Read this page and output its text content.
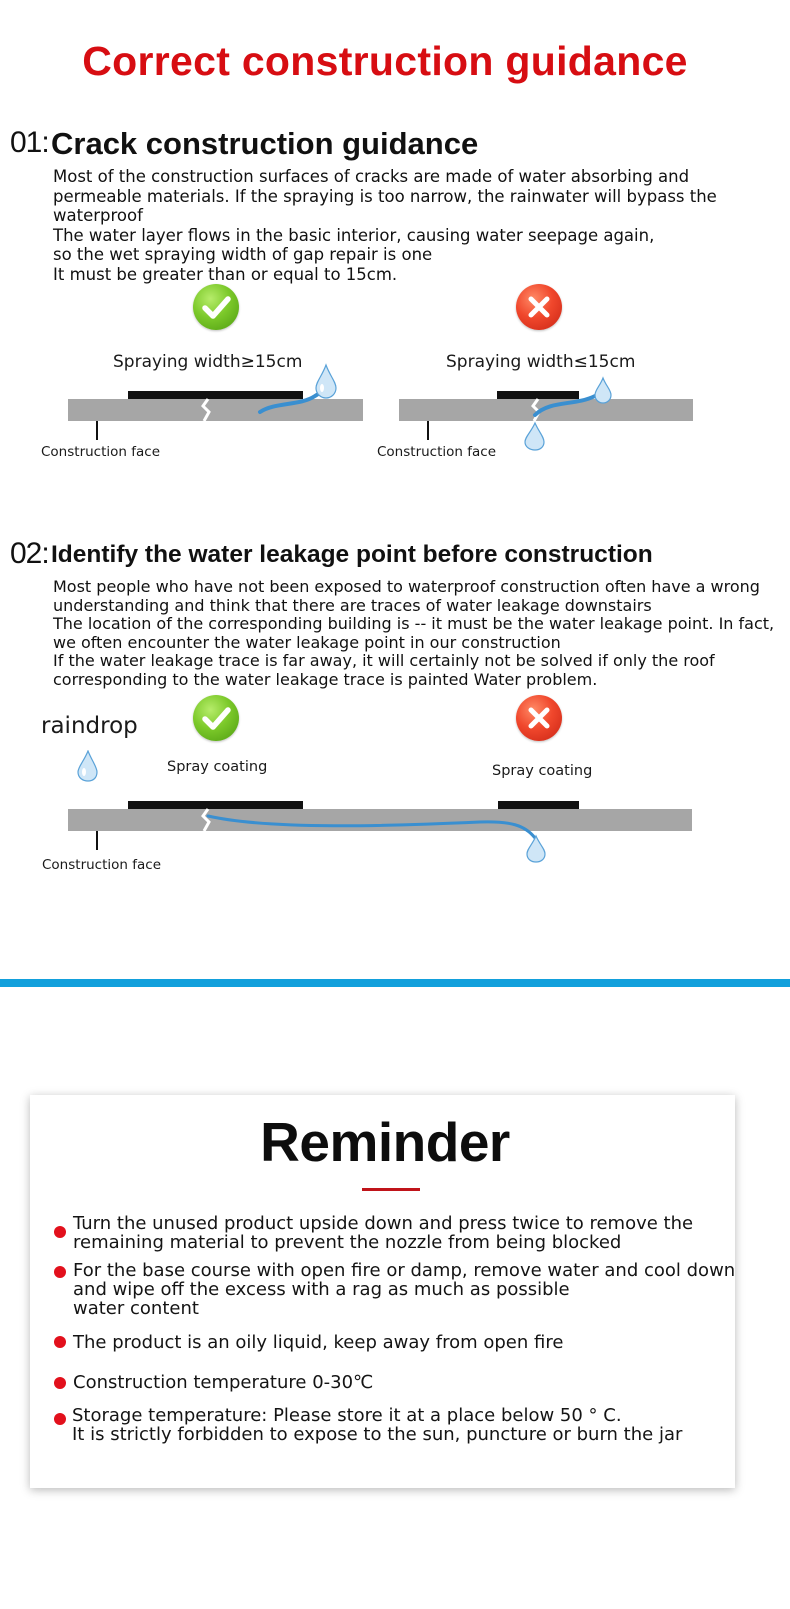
Correct construction guidance
01: Crack construction guidance
Most of the construction surfaces of cracks are made of water absorbing and
permeable materials. If the spraying is too narrow, the rainwater will bypass the
waterproof
The water layer flows in the basic interior, causing water seepage again,
so the wet spraying width of gap repair is one
It must be greater than or equal to 15cm.
Spraying width≥15cm	Spraying width≤15cm
Construction face	Construction face
02: Identify the water leakage point before construction
Most people who have not been exposed to waterproof construction often have a wrong
understanding and think that there are traces of water leakage downstairs
The location of the corresponding building is -- it must be the water leakage point. In fact,
we often encounter the water leakage point in our construction
If the water leakage trace is far away, it will certainly not be solved if only the roof
corresponding to the water leakage trace is painted Water problem.
raindrop
Spray coating	Spray coating
Construction face
Reminder
Turn the unused product upside down and press twice to remove the
remaining material to prevent the nozzle from being blocked
For the base course with open fire or damp, remove water and cool down
and wipe off the excess with a rag as much as possible
water content
The product is an oily liquid, keep away from open fire
Construction temperature 0-30℃
Storage temperature: Please store it at a place below 50 ° C.
It is strictly forbidden to expose to the sun, puncture or burn the jar
